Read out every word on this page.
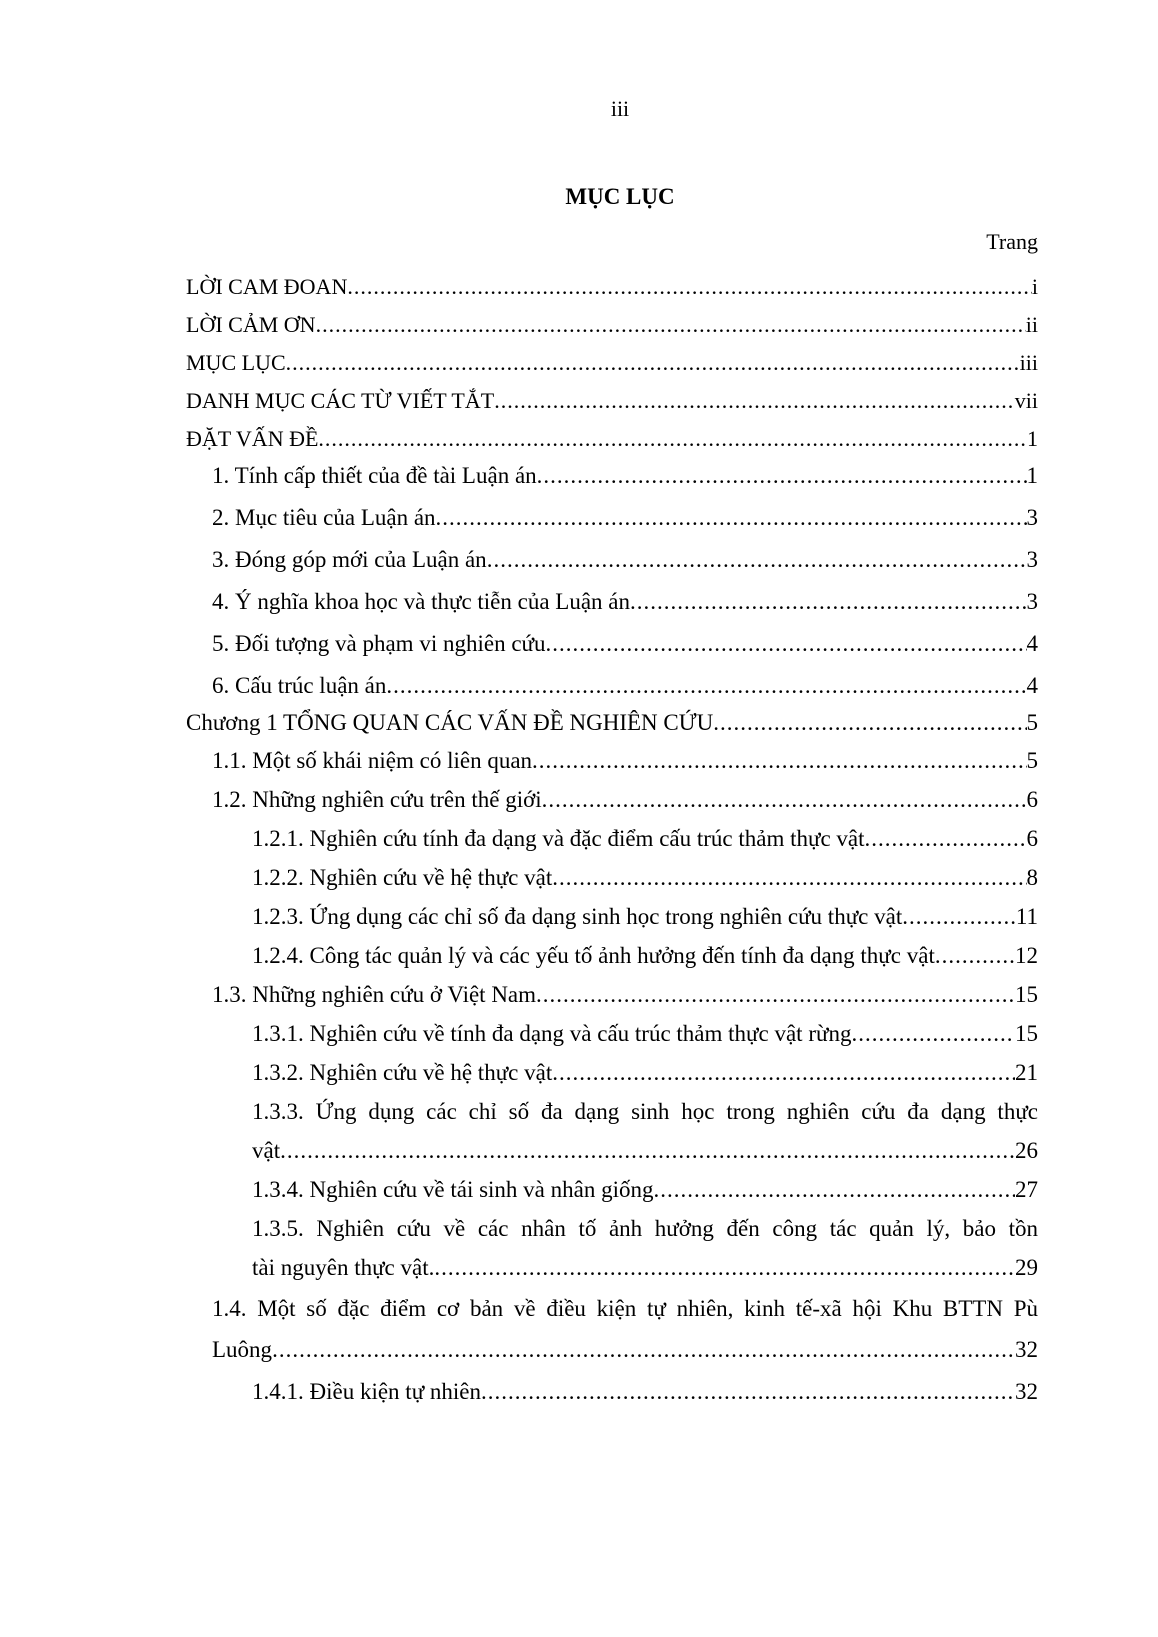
iii
MỤC LỤC
Trang
LỜI CAM ĐOAN .....	i
LỜI CẢM ƠN .....	ii
MỤC LỤC .....	iii
DANH MỤC CÁC TỪ VIẾT TẮT .....	vii
ĐẶT VẤN ĐỀ .....	1
1. Tính cấp thiết của đề tài Luận án .....	1
2. Mục tiêu của Luận án .....	3
3. Đóng góp mới của Luận án .....	3
4. Ý nghĩa khoa học và thực tiễn của Luận án .....	3
5. Đối tượng và phạm vi nghiên cứu .....	4
6. Cấu trúc luận án .....	4
Chương 1 TỔNG QUAN CÁC VẤN ĐỀ NGHIÊN CỨU .....	5
1.1. Một số khái niệm có liên quan .....	5
1.2. Những nghiên cứu trên thế giới .....	6
1.2.1. Nghiên cứu tính đa dạng và đặc điểm cấu trúc thảm thực vật .....	6
1.2.2. Nghiên cứu về hệ thực vật .....	8
1.2.3. Ứng dụng các chỉ số đa dạng sinh học trong nghiên cứu thực vật .....	11
1.2.4. Công tác quản lý và các yếu tố ảnh hưởng đến tính đa dạng thực vật .....	12
1.3. Những nghiên cứu ở Việt Nam .....	15
1.3.1. Nghiên cứu về tính đa dạng và cấu trúc thảm thực vật rừng .....	15
1.3.2. Nghiên cứu về hệ thực vật .....	21
1.3.3. Ứng dụng các chỉ số đa dạng sinh học trong nghiên cứu đa dạng thực
vật .....	26
1.3.4. Nghiên cứu về tái sinh và nhân giống .....	27
1.3.5. Nghiên cứu về các nhân tố ảnh hưởng đến công tác quản lý, bảo tồn
tài nguyên thực vật. .....	29
1.4. Một số đặc điểm cơ bản về điều kiện tự nhiên, kinh tế-xã hội Khu BTTN Pù
Luông .....	32
1.4.1. Điều kiện tự nhiên .....	32
